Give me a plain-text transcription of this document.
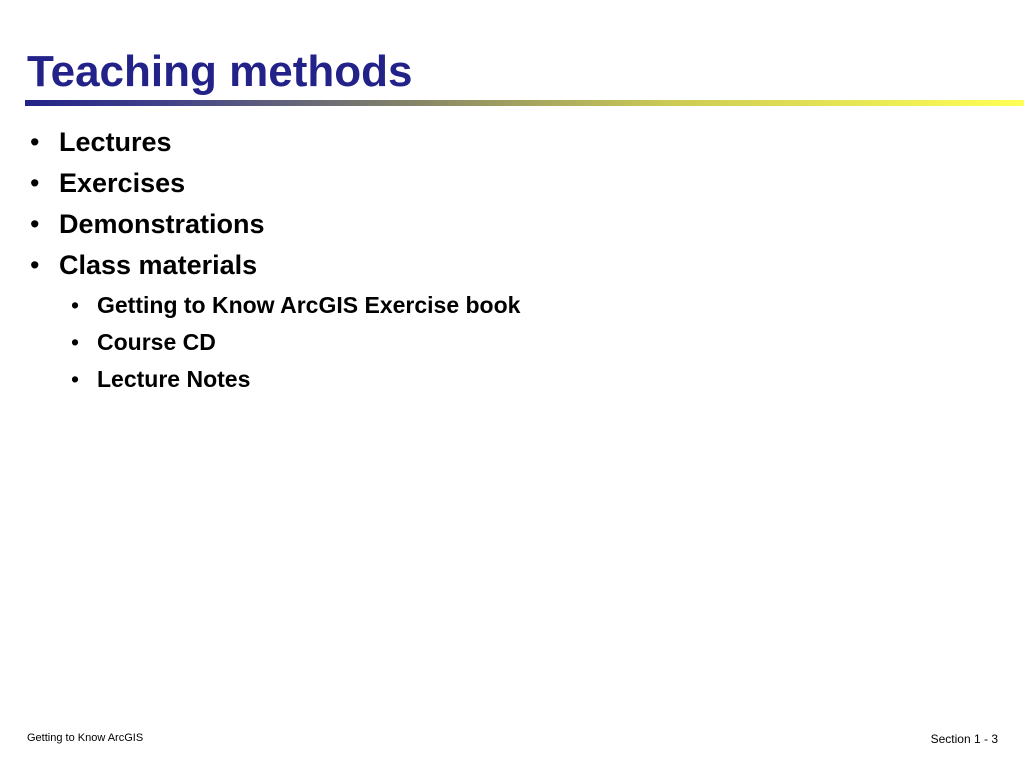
Teaching methods
• Lectures
• Exercises
• Demonstrations
• Class materials
• Getting to Know ArcGIS Exercise book
• Course CD
• Lecture Notes
Getting to Know ArcGIS	Section 1 - 3
